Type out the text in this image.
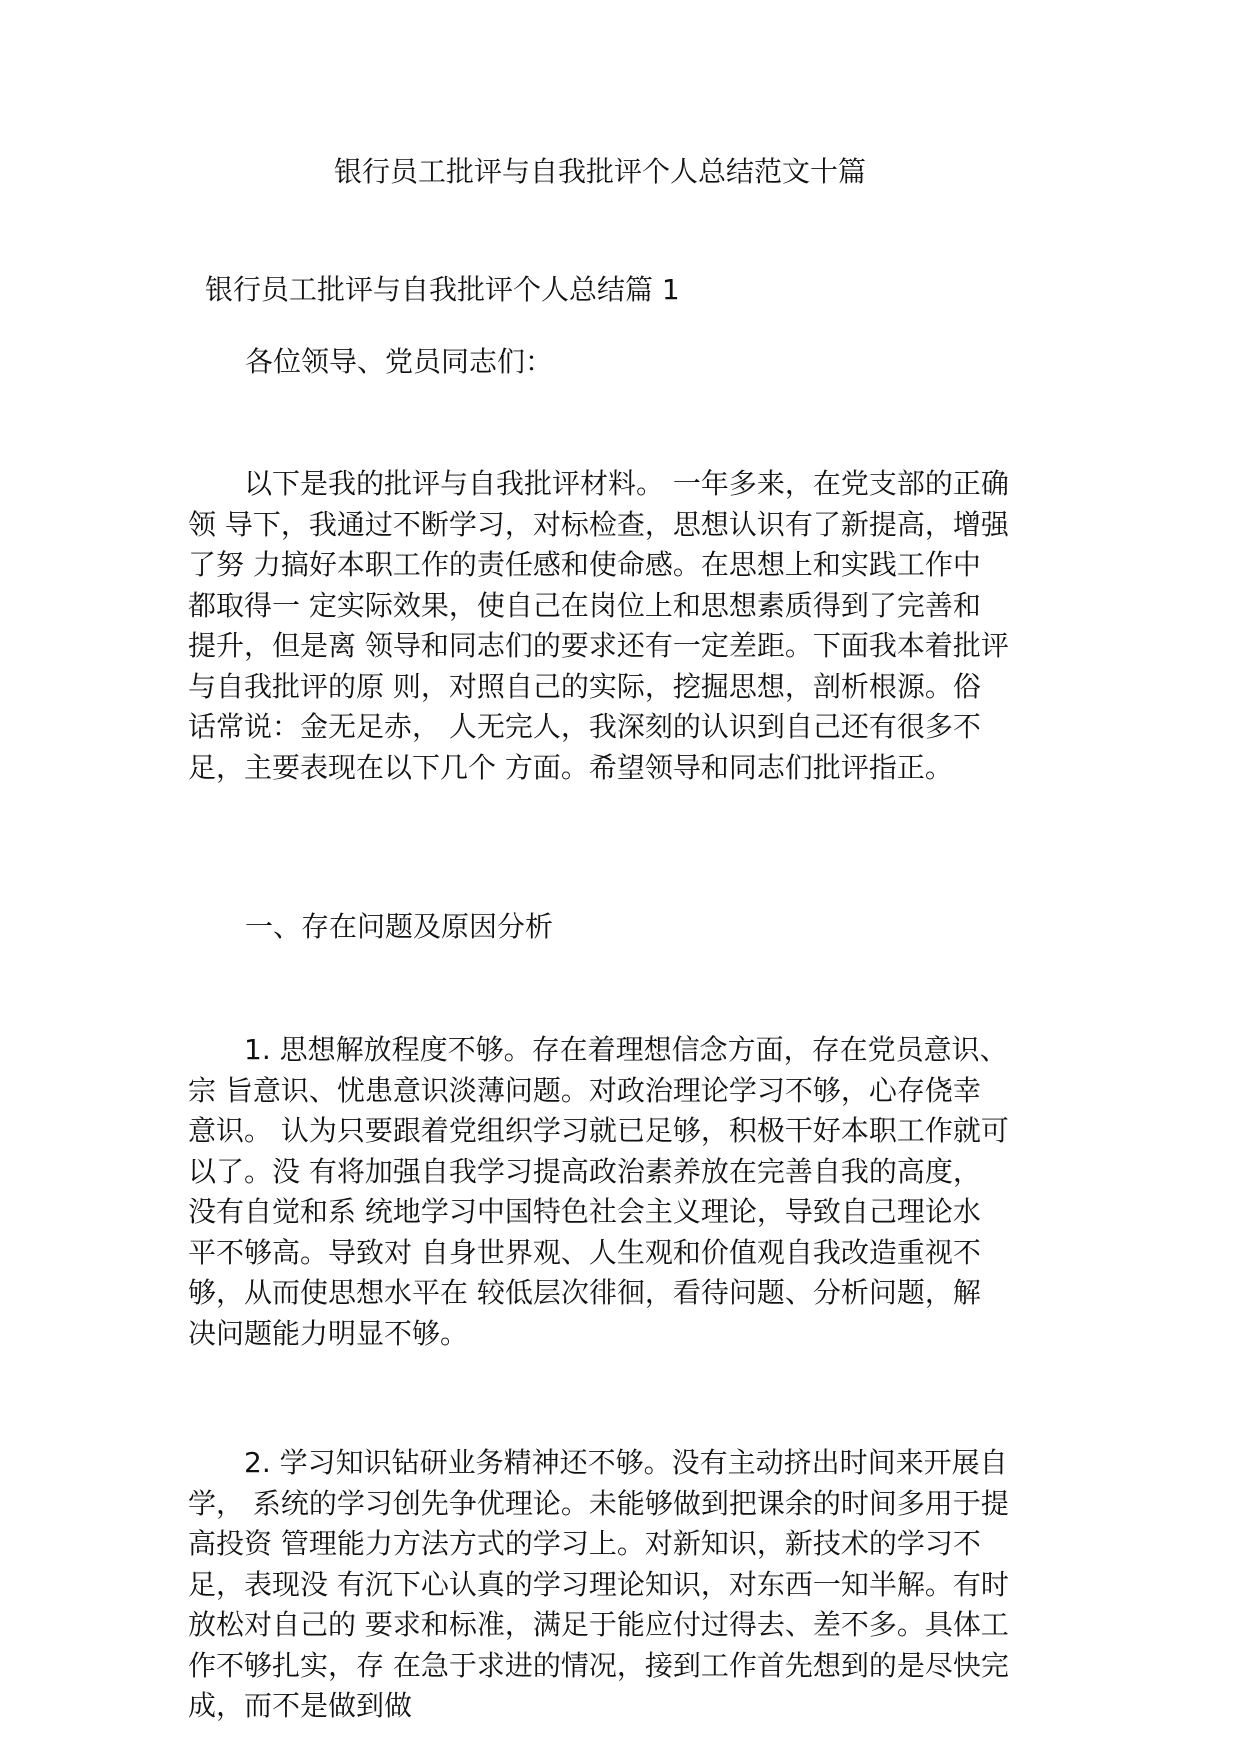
银行员工批评与自我批评个人总结范文十篇
银行员工批评与自我批评个人总结篇 1
各位领导、党员同志们：
以下是我的批评与自我批评材料。 一年多来，在党支部的正确
领 导下，我通过不断学习，对标检查，思想认识有了新提高，增强
了努 力搞好本职工作的责任感和使命感。在思想上和实践工作中
都取得一 定实际效果，使自己在岗位上和思想素质得到了完善和
提升，但是离 领导和同志们的要求还有一定差距。下面我本着批评
与自我批评的原 则，对照自己的实际，挖掘思想，剖析根源。俗
话常说：金无足赤， 人无完人，我深刻的认识到自己还有很多不
足，主要表现在以下几个 方面。希望领导和同志们批评指正。
一、存在问题及原因分析
1. 思想解放程度不够。存在着理想信念方面，存在党员意识、
宗 旨意识、忧患意识淡薄问题。对政治理论学习不够，心存侥幸
意识。 认为只要跟着党组织学习就已足够，积极干好本职工作就可
以了。没 有将加强自我学习提高政治素养放在完善自我的高度，
没有自觉和系 统地学习中国特色社会主义理论，导致自己理论水
平不够高。导致对 自身世界观、人生观和价值观自我改造重视不
够，从而使思想水平在 较低层次徘徊，看待问题、分析问题，解
决问题能力明显不够。
2. 学习知识钻研业务精神还不够。没有主动挤出时间来开展自
学， 系统的学习创先争优理论。未能够做到把课余的时间多用于提
高投资 管理能力方法方式的学习上。对新知识，新技术的学习不
足，表现没 有沉下心认真的学习理论知识，对东西一知半解。有时
放松对自己的 要求和标准，满足于能应付过得去、差不多。具体工
作不够扎实，存 在急于求进的情况，接到工作首先想到的是尽快完
成，而不是做到做
